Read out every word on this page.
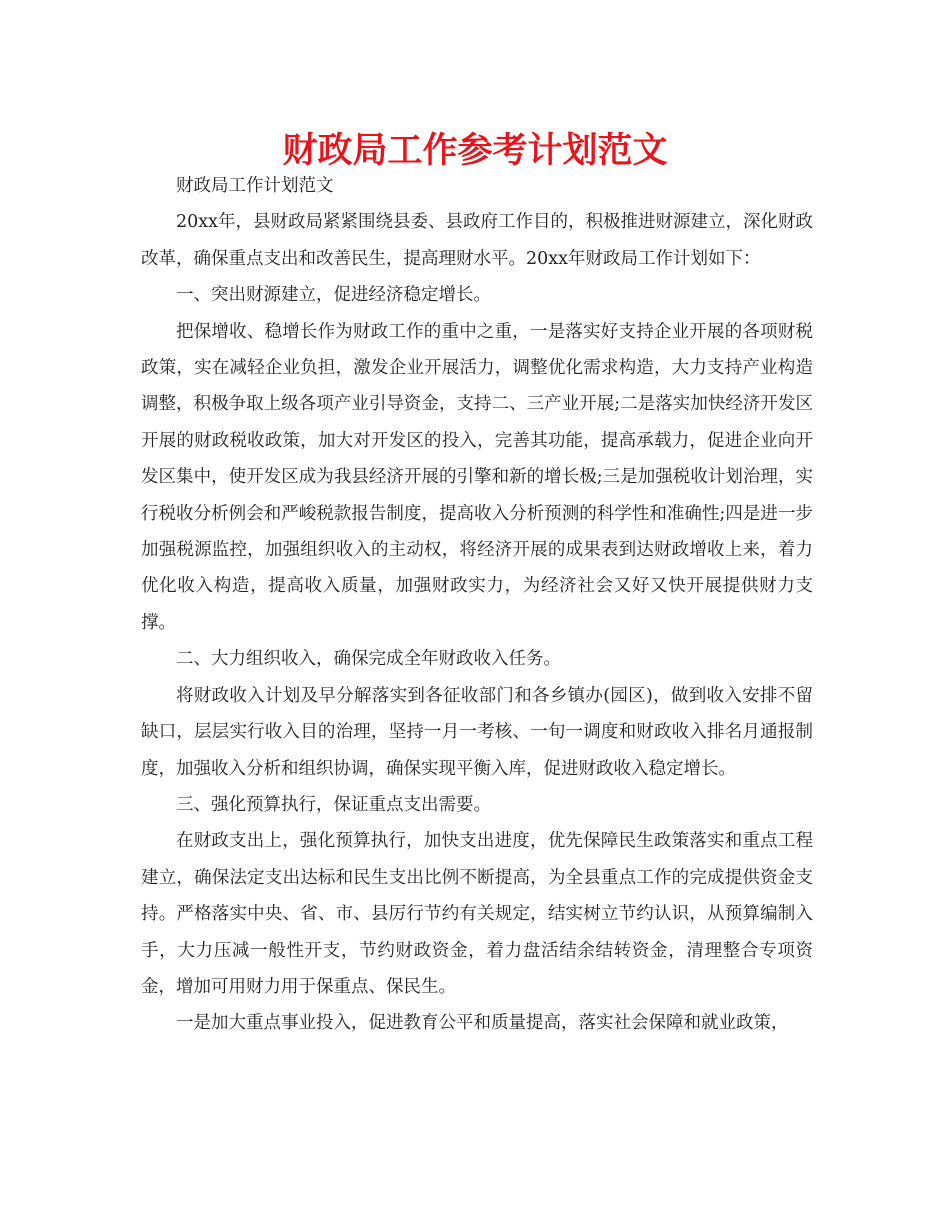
财政局工作参考计划范文

财政局工作计划范文

20xx年，县财政局紧紧围绕县委、县政府工作目的，积极推进财源建立，深化财政改革，确保重点支出和改善民生，提高理财水平。20xx年财政局工作计划如下：

一、突出财源建立，促进经济稳定增长。

把保增收、稳增长作为财政工作的重中之重，一是落实好支持企业开展的各项财税政策，实在减轻企业负担，激发企业开展活力，调整优化需求构造，大力支持产业构造调整，积极争取上级各项产业引导资金，支持二、三产业开展;二是落实加快经济开发区开展的财政税收政策，加大对开发区的投入，完善其功能，提高承载力，促进企业向开发区集中，使开发区成为我县经济开展的引擎和新的增长极;三是加强税收计划治理，实行税收分析例会和严峻税款报告制度，提高收入分析预测的科学性和准确性;四是进一步加强税源监控，加强组织收入的主动权，将经济开展的成果表到达财政增收上来，着力优化收入构造，提高收入质量，加强财政实力，为经济社会又好又快开展提供财力支撑。

二、大力组织收入，确保完成全年财政收入任务。

将财政收入计划及早分解落实到各征收部门和各乡镇办(园区)，做到收入安排不留缺口，层层实行收入目的治理，坚持一月一考核、一旬一调度和财政收入排名月通报制度，加强收入分析和组织协调，确保实现平衡入库，促进财政收入稳定增长。

三、强化预算执行，保证重点支出需要。

在财政支出上，强化预算执行，加快支出进度，优先保障民生政策落实和重点工程建立，确保法定支出达标和民生支出比例不断提高，为全县重点工作的完成提供资金支持。严格落实中央、省、市、县厉行节约有关规定，结实树立节约认识，从预算编制入手，大力压减一般性开支，节约财政资金，着力盘活结余结转资金，清理整合专项资金，增加可用财力用于保重点、保民生。

一是加大重点事业投入，促进教育公平和质量提高，落实社会保障和就业政策，
